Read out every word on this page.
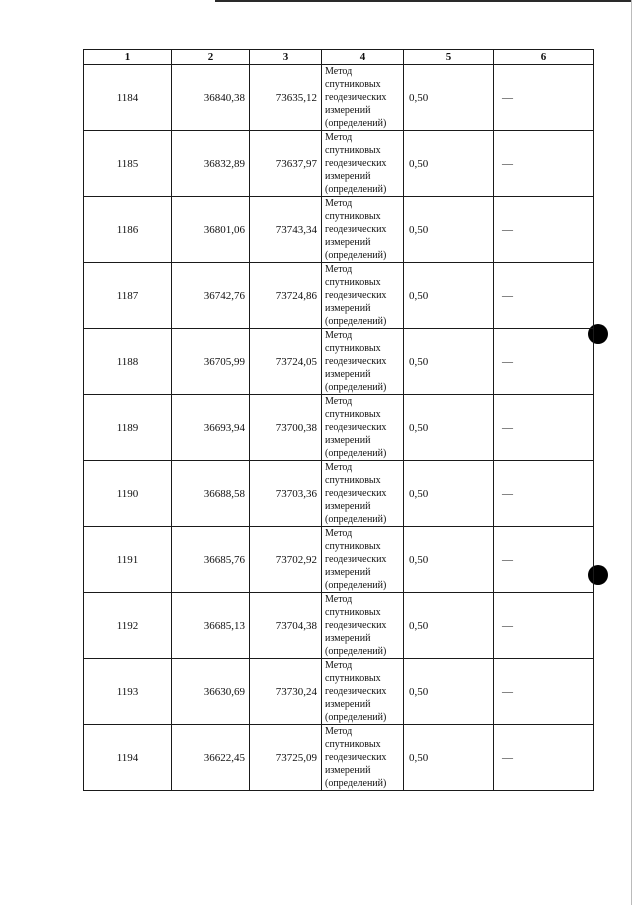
1	2	3	4	5	6
1184	36840,38	73635,12	Метод
спутниковых
геодезических
измерений
(определений)	0,50	—
1185	36832,89	73637,97	Метод
спутниковых
геодезических
измерений
(определений)	0,50	—
1186	36801,06	73743,34	Метод
спутниковых
геодезических
измерений
(определений)	0,50	—
1187	36742,76	73724,86	Метод
спутниковых
геодезических
измерений
(определений)	0,50	—
1188	36705,99	73724,05	Метод
спутниковых
геодезических
измерений
(определений)	0,50	—
1189	36693,94	73700,38	Метод
спутниковых
геодезических
измерений
(определений)	0,50	—
1190	36688,58	73703,36	Метод
спутниковых
геодезических
измерений
(определений)	0,50	—
1191	36685,76	73702,92	Метод
спутниковых
геодезических
измерений
(определений)	0,50	—
1192	36685,13	73704,38	Метод
спутниковых
геодезических
измерений
(определений)	0,50	—
1193	36630,69	73730,24	Метод
спутниковых
геодезических
измерений
(определений)	0,50	—
1194	36622,45	73725,09	Метод
спутниковых
геодезических
измерений
(определений)	0,50	—
